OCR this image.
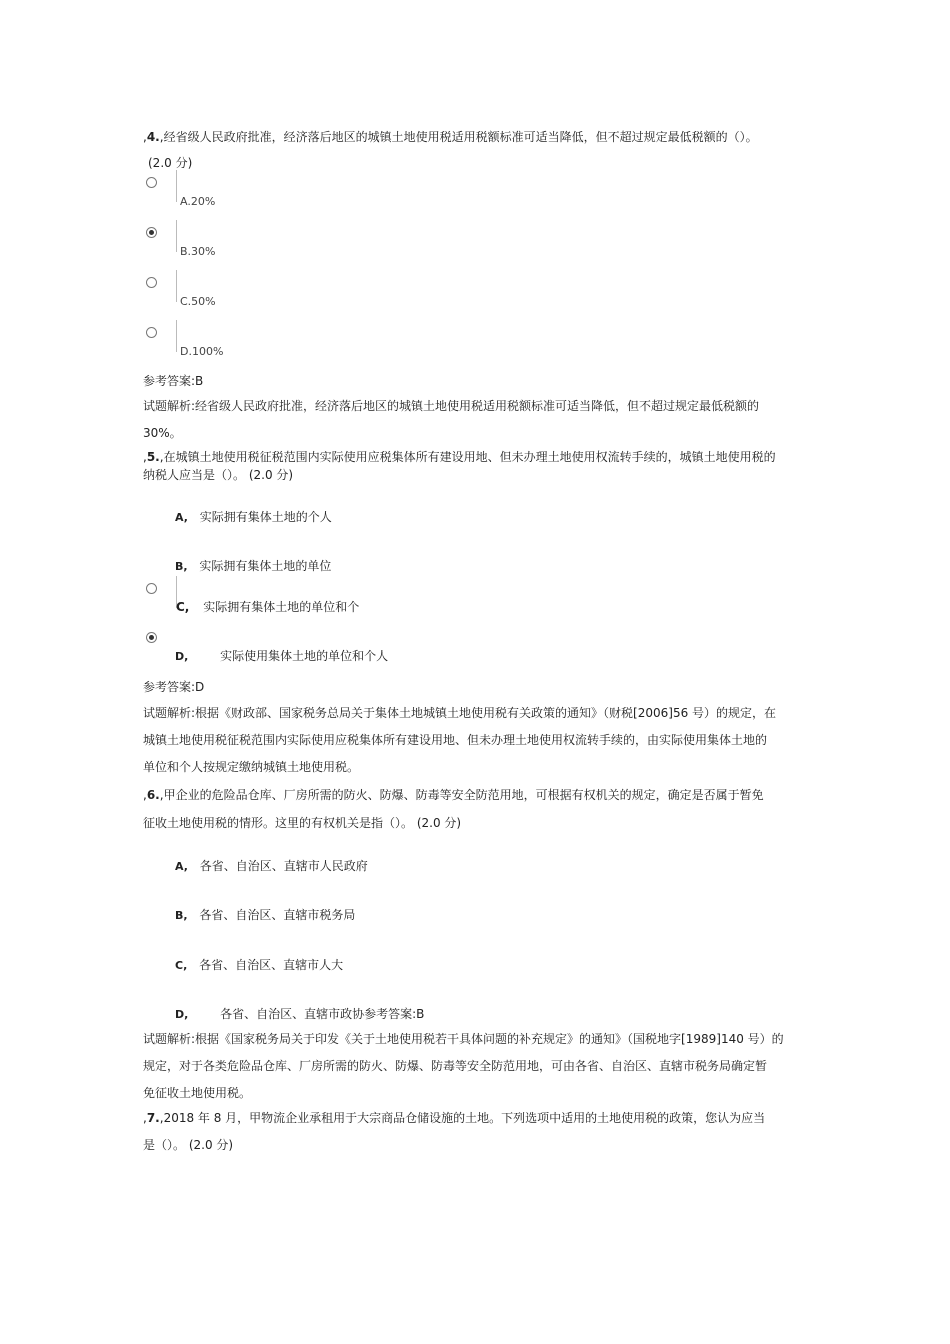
,4.,经省级人民政府批准，经济落后地区的城镇土地使用税适用税额标准可适当降低，但不超过规定最低税额的（）。
(2.0 分)
A.20%
B.30%
C.50%
D.100%
参考答案:B
试题解析:经省级人民政府批准，经济落后地区的城镇土地使用税适用税额标准可适当降低，但不超过规定最低税额的
30%。
,5.,在城镇土地使用税征税范围内实际使用应税集体所有建设用地、但未办理土地使用权流转手续的，城镇土地使用税的
纳税人应当是（）。 (2.0 分)
A, 实际拥有集体土地的个人
B, 实际拥有集体土地的单位
C, 实际拥有集体土地的单位和个
D,	实际使用集体土地的单位和个人
参考答案:D
试题解析:根据《财政部、国家税务总局关于集体土地城镇土地使用税有关政策的通知》（财税[2006]56 号）的规定，在
城镇土地使用税征税范围内实际使用应税集体所有建设用地、但未办理土地使用权流转手续的，由实际使用集体土地的
单位和个人按规定缴纳城镇土地使用税。
,6.,甲企业的危险品仓库、厂房所需的防火、防爆、防毒等安全防范用地，可根据有权机关的规定，确定是否属于暂免
征收土地使用税的情形。这里的有权机关是指（）。 (2.0 分)
A, 各省、自治区、直辖市人民政府
B, 各省、自治区、直辖市税务局
C, 各省、自治区、直辖市人大
D,	各省、自治区、直辖市政协参考答案:B
试题解析:根据《国家税务局关于印发《关于土地使用税若干具体问题的补充规定》的通知》（国税地字[1989]140 号）的
规定，对于各类危险品仓库、厂房所需的防火、防爆、防毒等安全防范用地，可由各省、自治区、直辖市税务局确定暂
免征收土地使用税。
,7.,2018 年 8 月，甲物流企业承租用于大宗商品仓储设施的土地。下列选项中适用的土地使用税的政策，您认为应当
是（）。 (2.0 分)
